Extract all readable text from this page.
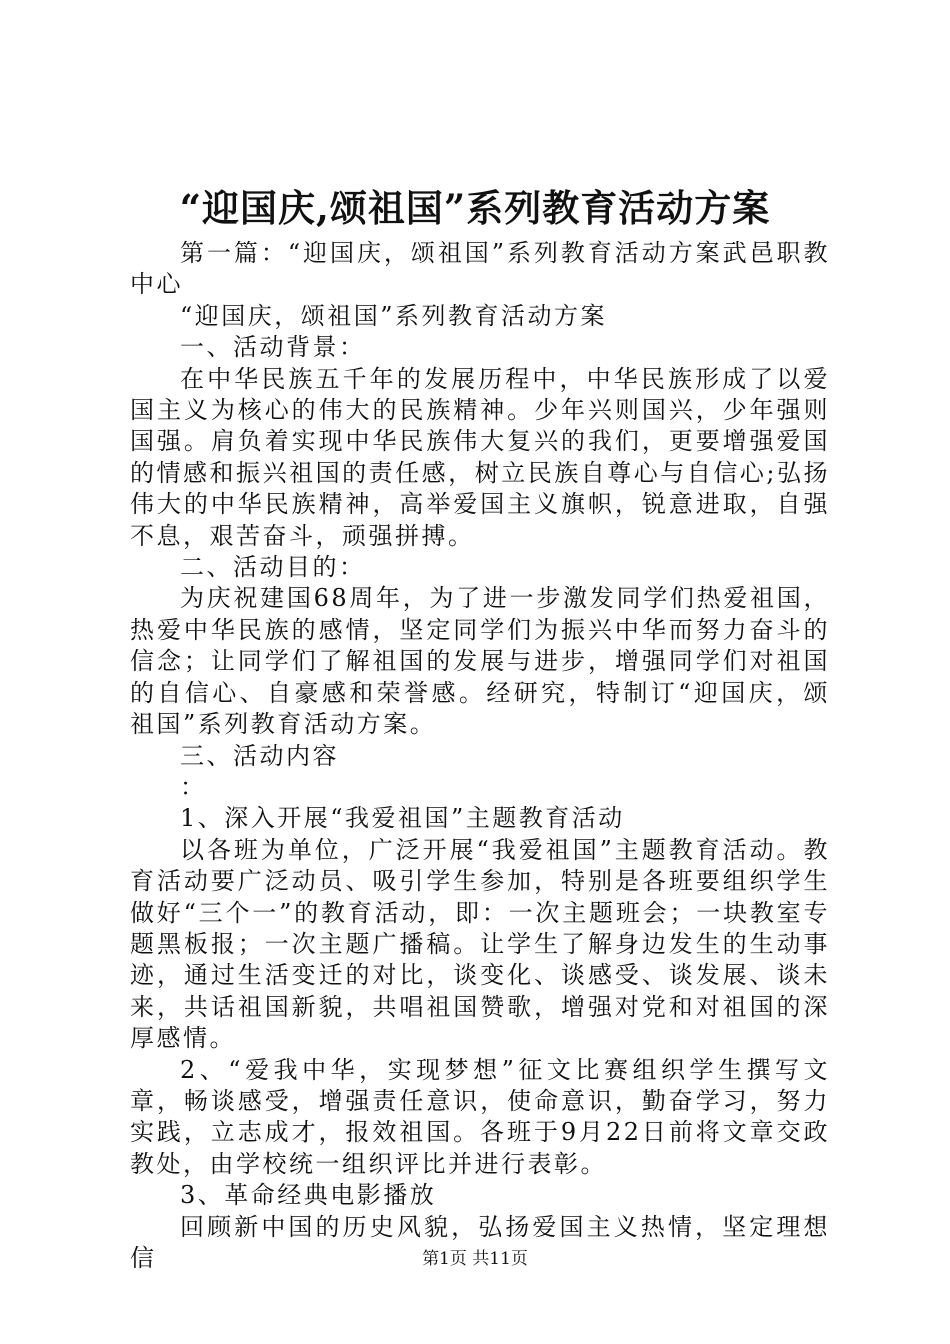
“迎国庆,颂祖国”系列教育活动方案

第一篇：“迎国庆，颂祖国”系列教育活动方案武邑职教中心

“迎国庆，颂祖国”系列教育活动方案

一、活动背景：

在中华民族五千年的发展历程中，中华民族形成了以爱国主义为核心的伟大的民族精神。少年兴则国兴，少年强则国强。肩负着实现中华民族伟大复兴的我们，更要增强爱国的情感和振兴祖国的责任感，树立民族自尊心与自信心;弘扬伟大的中华民族精神，高举爱国主义旗帜，锐意进取，自强不息，艰苦奋斗，顽强拼搏。

二、活动目的：

为庆祝建国68周年，为了进一步激发同学们热爱祖国，热爱中华民族的感情，坚定同学们为振兴中华而努力奋斗的信念；让同学们了解祖国的发展与进步，增强同学们对祖国的自信心、自豪感和荣誉感。经研究，特制订“迎国庆，颂祖国”系列教育活动方案。

三、活动内容

：

1、深入开展“我爱祖国”主题教育活动

以各班为单位，广泛开展“我爱祖国”主题教育活动。教育活动要广泛动员、吸引学生参加，特别是各班要组织学生做好“三个一”的教育活动，即：一次主题班会；一块教室专题黑板报；一次主题广播稿。让学生了解身边发生的生动事迹，通过生活变迁的对比，谈变化、谈感受、谈发展、谈未来，共话祖国新貌，共唱祖国赞歌，增强对党和对祖国的深厚感情。

2、“爱我中华，实现梦想”征文比赛组织学生撰写文章，畅谈感受，增强责任意识，使命意识，勤奋学习，努力实践，立志成才，报效祖国。各班于9月22日前将文章交政教处，由学校统一组织评比并进行表彰。

3、革命经典电影播放

回顾新中国的历史风貌，弘扬爱国主义热情，坚定理想信	第1页 共11页
